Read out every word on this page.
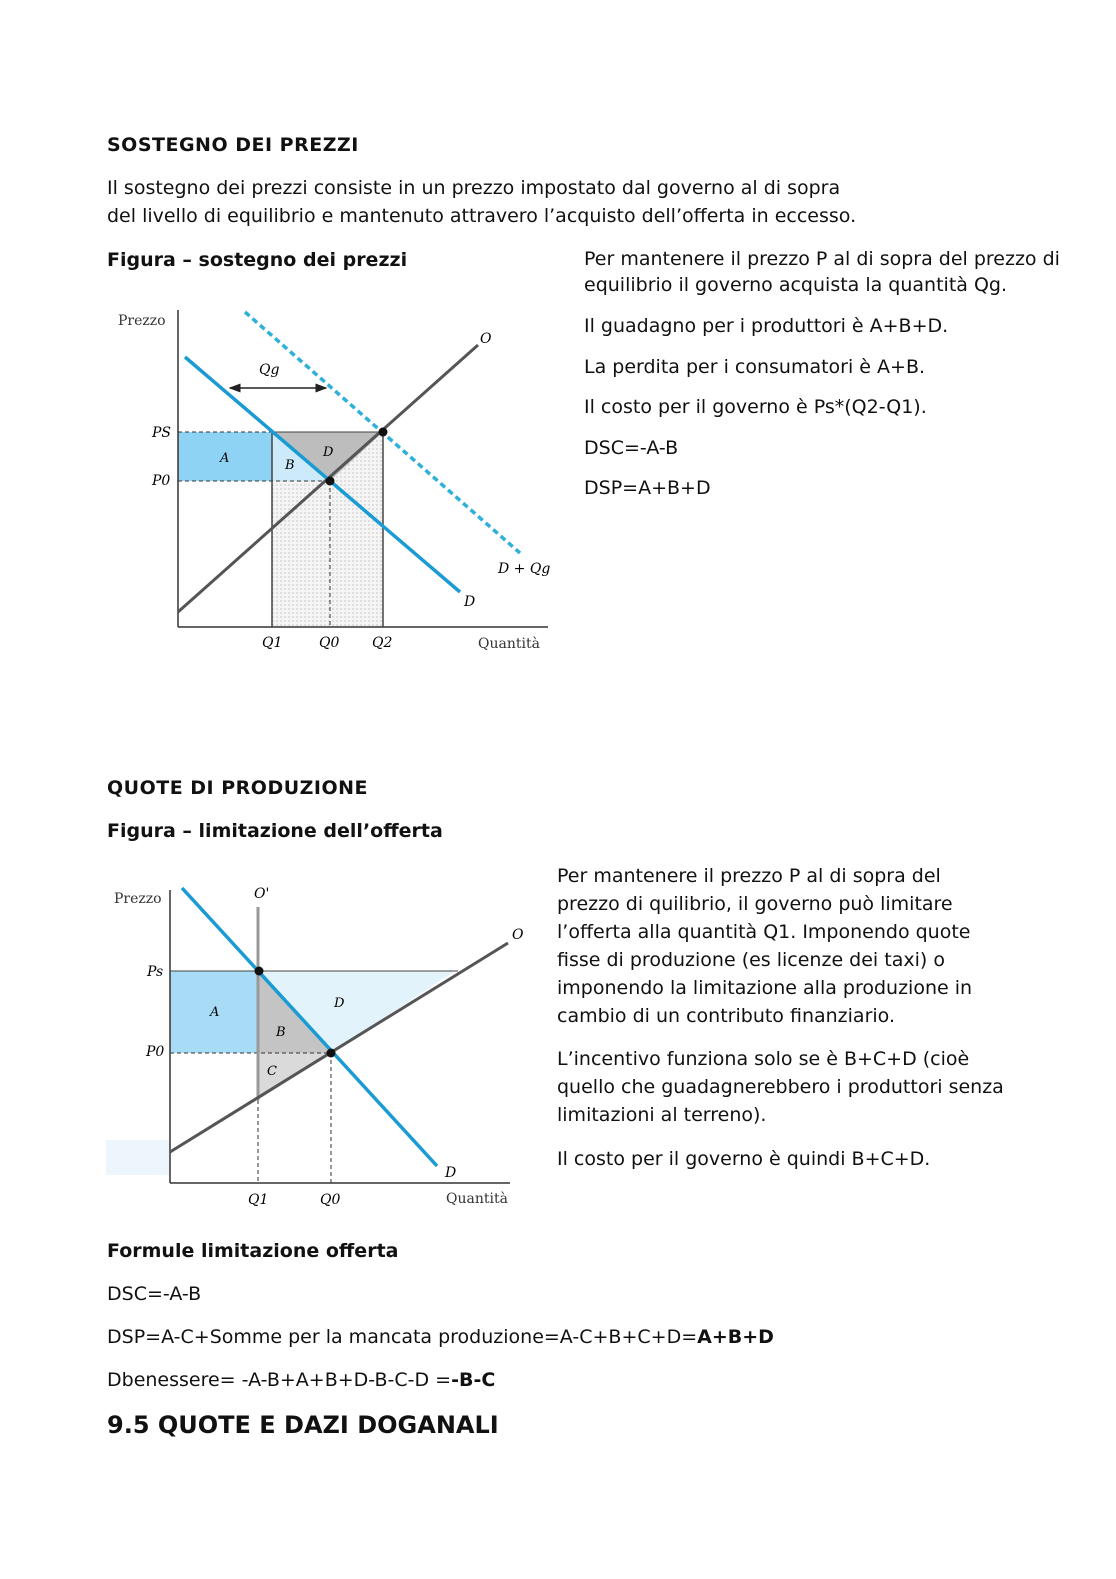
SOSTEGNO DEI PREZZI
Il sostegno dei prezzi consiste in un prezzo impostato dal governo al di sopra
del livello di equilibrio e mantenuto attravero l’acquisto dell’offerta in eccesso.
Figura – sostegno dei prezzi	Per mantenere il prezzo P al di sopra del prezzo di
equilibrio il governo acquista la quantità Qg.
Il guadagno per i produttori è A+B+D.
La perdita per i consumatori è A+B.
Il costo per il governo è Ps*(Q2-Q1).
DSC=-A-B
DSP=A+B+D
Prezzo
Quantità
PS
P0
Q1	Q0 Q2
Qg
O
D
D + Qg
A	B
D
Prezzo
Quantità
Ps
P0
Q1	Q0
O'
O
D
A
B
C
D
QUOTE DI PRODUZIONE
Figura – limitazione dell’offerta
Per mantenere il prezzo P al di sopra del
prezzo di quilibrio, il governo può limitare
l’offerta alla quantità Q1. Imponendo quote
fisse di produzione (es licenze dei taxi) o
imponendo la limitazione alla produzione in
cambio di un contributo finanziario.
L’incentivo funziona solo se è B+C+D (cioè
quello che guadagnerebbero i produttori senza
limitazioni al terreno).
Il costo per il governo è quindi B+C+D.
Formule limitazione offerta
DSC=-A-B
DSP=A-C+Somme per la mancata produzione=A-C+B+C+D=A+B+D
Dbenessere= -A-B+A+B+D-B-C-D =-B-C
9.5 QUOTE E DAZI DOGANALI
